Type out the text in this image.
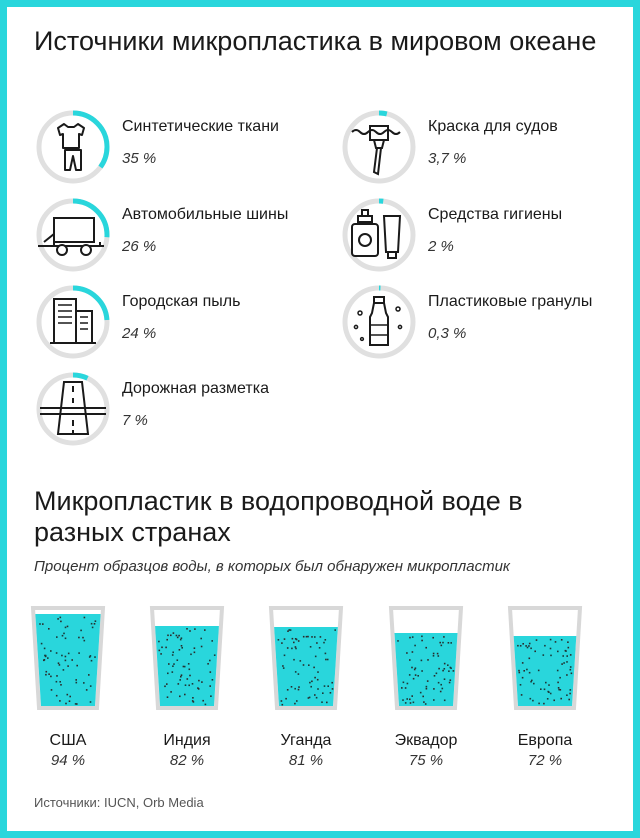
Источники микропластика в мировом океане
Синтетические ткани
35 %
Автомобильные шины
26 %
Городская пыль
24 %
Дорожная разметка
7 %
Краска для судов
3,7 %
Средства гигиены
2 %
Пластиковые гранулы
0,3 %
Микропластик в водопроводной воде в разных странах
Процент образцов воды, в которых был обнаружен микропластик
США
94 %
Индия
82 %
Уганда
81 %
Эквадор
75 %
Европа
72 %
Источники: IUCN, Orb Media
